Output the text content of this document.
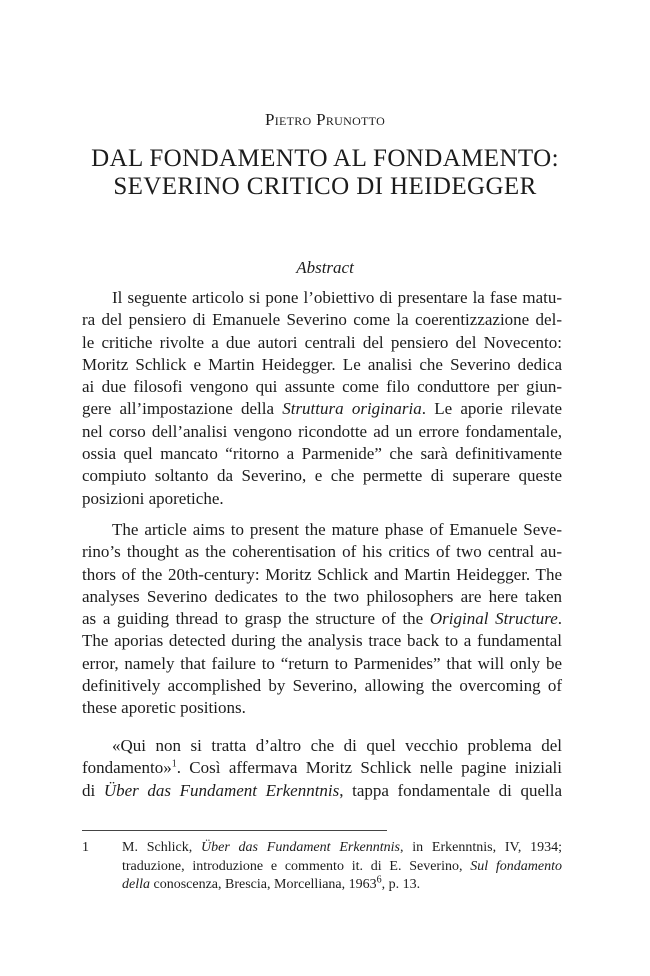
Pietro Prunotto
DAL FONDAMENTO AL FONDAMENTO:
SEVERINO CRITICO DI HEIDEGGER
Abstract
Il seguente articolo si pone l’obiettivo di presentare la fase matu-
ra del pensiero di Emanuele Severino come la coerentizzazione del-
le critiche rivolte a due autori centrali del pensiero del Novecento:
Moritz Schlick e Martin Heidegger. Le analisi che Severino dedica
ai due filosofi vengono qui assunte come filo conduttore per giun-
gere all’impostazione della Struttura originaria. Le aporie rilevate
nel corso dell’analisi vengono ricondotte ad un errore fondamentale,
ossia quel mancato “ritorno a Parmenide” che sarà definitivamente
compiuto soltanto da Severino, e che permette di superare queste
posizioni aporetiche.
The article aims to present the mature phase of Emanuele Seve-
rino’s thought as the coherentisation of his critics of two central au-
thors of the 20th-century: Moritz Schlick and Martin Heidegger. The
analyses Severino dedicates to the two philosophers are here taken
as a guiding thread to grasp the structure of the Original Structure.
The aporias detected during the analysis trace back to a fundamental
error, namely that failure to “return to Parmenides” that will only be
definitively accomplished by Severino, allowing the overcoming of
these aporetic positions.
«Qui non si tratta d’altro che di quel vecchio problema del
fondamento»$^1$. Così affermava Moritz Schlick nelle pagine iniziali
di Über das Fundament Erkenntnis, tappa fondamentale di quella
1 M. Schlick, Über das Fundament Erkenntnis, in Erkenntnis, IV, 1934;
traduzione, introduzione e commento it. di E. Severino, Sul fondamento
della conoscenza, Brescia, Morcelliana, 1963$^6$, p. 13.
